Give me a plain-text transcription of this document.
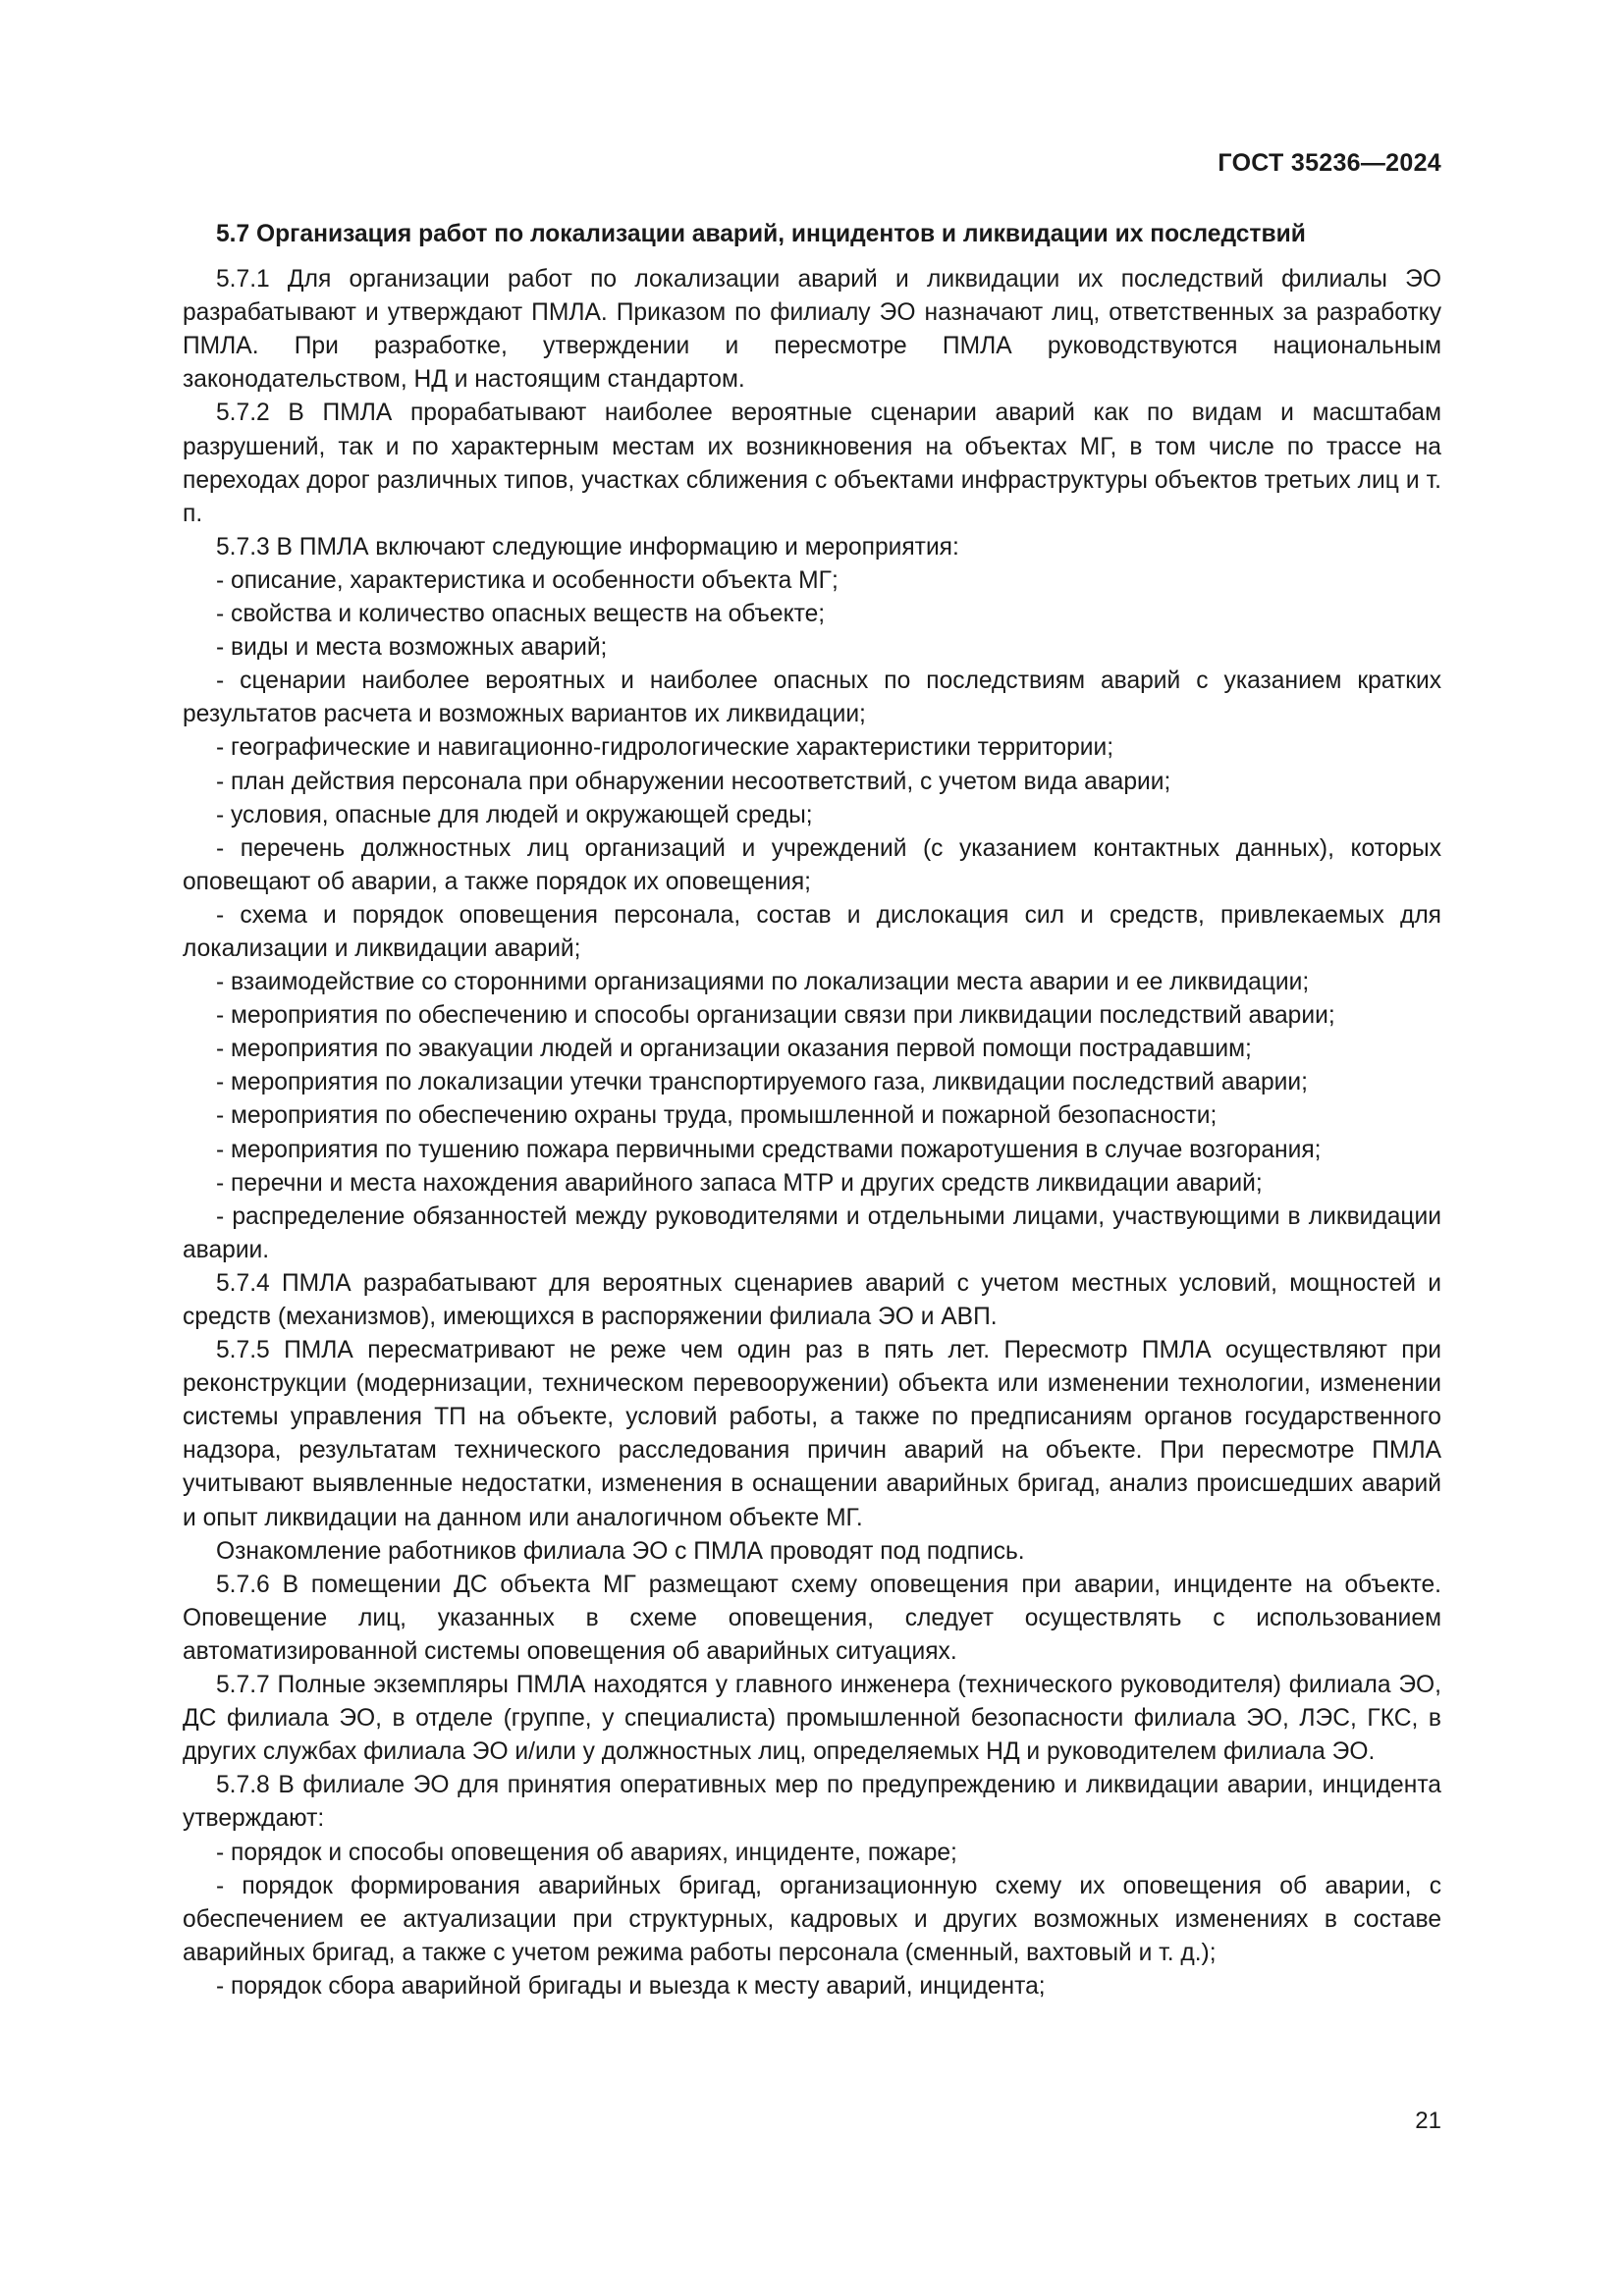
ГОСТ 35236—2024
5.7 Организация работ по локализации аварий, инцидентов и ликвидации их последствий

5.7.1 Для организации работ по локализации аварий и ликвидации их последствий филиалы ЭО разрабатывают и утверждают ПМЛА. Приказом по филиалу ЭО назначают лиц, ответственных за разработку ПМЛА. При разработке, утверждении и пересмотре ПМЛА руководствуются национальным законодательством, НД и настоящим стандартом.

5.7.2 В ПМЛА прорабатывают наиболее вероятные сценарии аварий как по видам и масштабам разрушений, так и по характерным местам их возникновения на объектах МГ, в том числе по трассе на переходах дорог различных типов, участках сближения с объектами инфраструктуры объектов третьих лиц и т. п.

5.7.3 В ПМЛА включают следующие информацию и мероприятия:

- описание, характеристика и особенности объекта МГ;

- свойства и количество опасных веществ на объекте;

- виды и места возможных аварий;

- сценарии наиболее вероятных и наиболее опасных по последствиям аварий с указанием кратких результатов расчета и возможных вариантов их ликвидации;

- географические и навигационно-гидрологические характеристики территории;

- план действия персонала при обнаружении несоответствий, с учетом вида аварии;

- условия, опасные для людей и окружающей среды;

- перечень должностных лиц организаций и учреждений (с указанием контактных данных), которых оповещают об аварии, а также порядок их оповещения;

- схема и порядок оповещения персонала, состав и дислокация сил и средств, привлекаемых для локализации и ликвидации аварий;

- взаимодействие со сторонними организациями по локализации места аварии и ее ликвидации;

- мероприятия по обеспечению и способы организации связи при ликвидации последствий аварии;

- мероприятия по эвакуации людей и организации оказания первой помощи пострадавшим;

- мероприятия по локализации утечки транспортируемого газа, ликвидации последствий аварии;

- мероприятия по обеспечению охраны труда, промышленной и пожарной безопасности;

- мероприятия по тушению пожара первичными средствами пожаротушения в случае возгорания;

- перечни и места нахождения аварийного запаса МТР и других средств ликвидации аварий;

- распределение обязанностей между руководителями и отдельными лицами, участвующими в ликвидации аварии.

5.7.4 ПМЛА разрабатывают для вероятных сценариев аварий с учетом местных условий, мощностей и средств (механизмов), имеющихся в распоряжении филиала ЭО и АВП.

5.7.5 ПМЛА пересматривают не реже чем один раз в пять лет. Пересмотр ПМЛА осуществляют при реконструкции (модернизации, техническом перевооружении) объекта или изменении технологии, изменении системы управления ТП на объекте, условий работы, а также по предписаниям органов государственного надзора, результатам технического расследования причин аварий на объекте. При пересмотре ПМЛА учитывают выявленные недостатки, изменения в оснащении аварийных бригад, анализ происшедших аварий и опыт ликвидации на данном или аналогичном объекте МГ.

Ознакомление работников филиала ЭО с ПМЛА проводят под подпись.

5.7.6 В помещении ДС объекта МГ размещают схему оповещения при аварии, инциденте на объекте. Оповещение лиц, указанных в схеме оповещения, следует осуществлять с использованием автоматизированной системы оповещения об аварийных ситуациях.

5.7.7 Полные экземпляры ПМЛА находятся у главного инженера (технического руководителя) филиала ЭО, ДС филиала ЭО, в отделе (группе, у специалиста) промышленной безопасности филиала ЭО, ЛЭС, ГКС, в других службах филиала ЭО и/или у должностных лиц, определяемых НД и руководителем филиала ЭО.

5.7.8 В филиале ЭО для принятия оперативных мер по предупреждению и ликвидации аварии, инцидента утверждают:

- порядок и способы оповещения об авариях, инциденте, пожаре;

- порядок формирования аварийных бригад, организационную схему их оповещения об аварии, с обеспечением ее актуализации при структурных, кадровых и других возможных изменениях в составе аварийных бригад, а также с учетом режима работы персонала (сменный, вахтовый и т. д.);

- порядок сбора аварийной бригады и выезда к месту аварий, инцидента;

21
